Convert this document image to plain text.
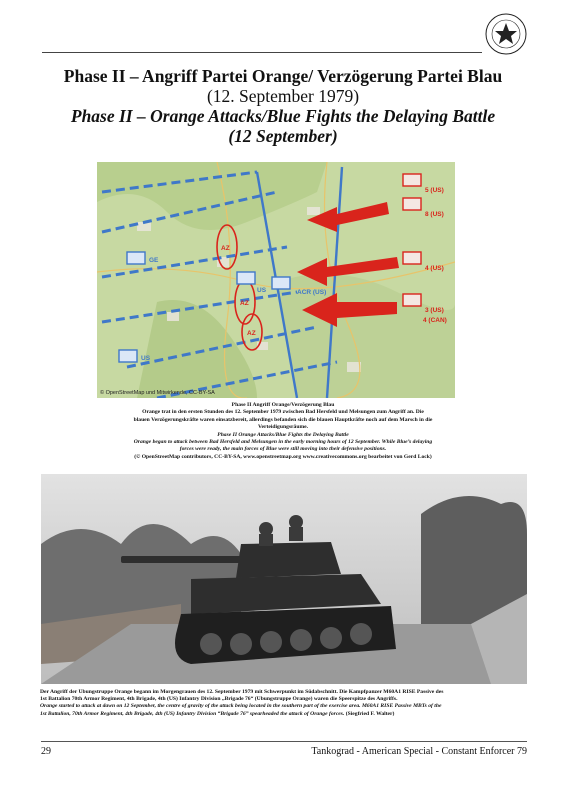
Phase II – Angriff Partei Orange/ Verzögerung Partei Blau
(12. September 1979)
Phase II – Orange Attacks/Blue Fights the Delaying Battle
(12 September)
5 (US)
8 (US)
4 (US)
3 (US)
4 (CAN)
ACR (US)
GE
US
US
AZ
AZ
AZ
© OpenStreetMap und Mitwirkende, CC-BY-SA
Phase II Angriff Orange/Verzögerung Blau
Orange trat in den ersten Stunden des 12. September 1979 zwischen Bad Hersfeld und Melsungen zum Angriff an. Die
blauen Verzögerungskräfte waren einsatzbereit, allerdings befanden sich die blauen Hauptkräfte noch auf dem Marsch in die
Verteidigungsräume.
Phase II Orange Attacks/Blue Fights the Delaying Battle
Orange began to attack between Bad Hersfeld and Melsungen in the early morning hours of 12 September. While Blue’s delaying
forces were ready, the main forces of Blue were still moving into their defensive positions.
(© OpenStreetMap contributors, CC-BY-SA, www.openstreetmap.org www.creativecommons.org bearbeitet von Gerd Lock)
Der Angriff der Übungstruppe Orange begann im Morgengrauen des 12. September 1979 mit Schwerpunkt im Südabschnitt. Die Kampfpanzer M60A1 RISE Passive des
1st Battalion 70th Armor Regiment, 4th Brigade, 4th (US) Infantry Division „Brigade 76“ (Übungstruppe Orange) waren die Speerspitze des Angriffs.
Orange started to attack at dawn on 12 September, the centre of gravity of the attack being located in the southern part of the exercise area. M60A1 RISE Passive MBTs of the
1st Battalion, 70th Armor Regiment, 4th Brigade, 4th (US) Infantry Division “Brigade 76” spearheaded the attack of Orange forces. (Siegfried F. Walter)
29	Tankograd - American Special - Constant Enforcer 79
